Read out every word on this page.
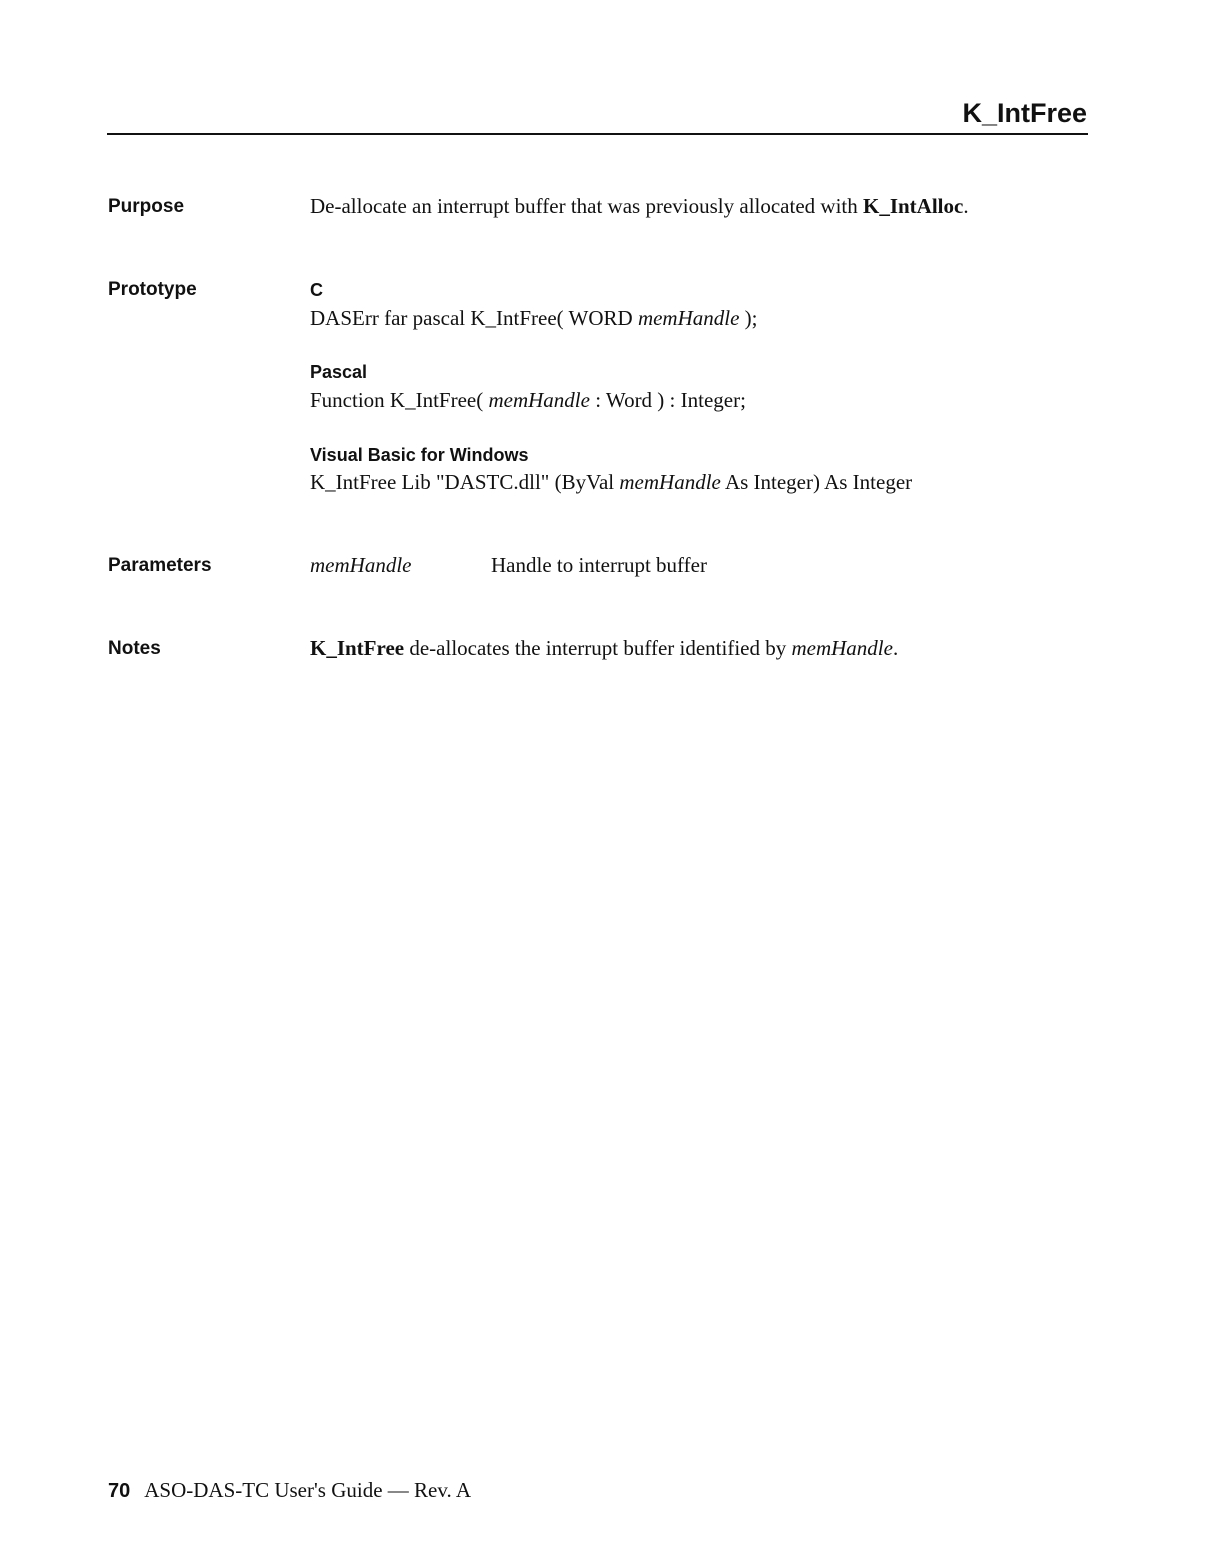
K_IntFree
Purpose	De-allocate an interrupt buffer that was previously allocated with K_IntAlloc.
Prototype	C
DASErr far pascal K_IntFree( WORD memHandle );
Pascal
Function K_IntFree( memHandle : Word ) : Integer;
Visual Basic for Windows
K_IntFree Lib "DASTC.dll" (ByVal memHandle As Integer) As Integer
Parameters	memHandle	Handle to interrupt buffer
Notes	K_IntFree de-allocates the interrupt buffer identified by memHandle.
70 ASO-DAS-TC User's Guide — Rev. A
